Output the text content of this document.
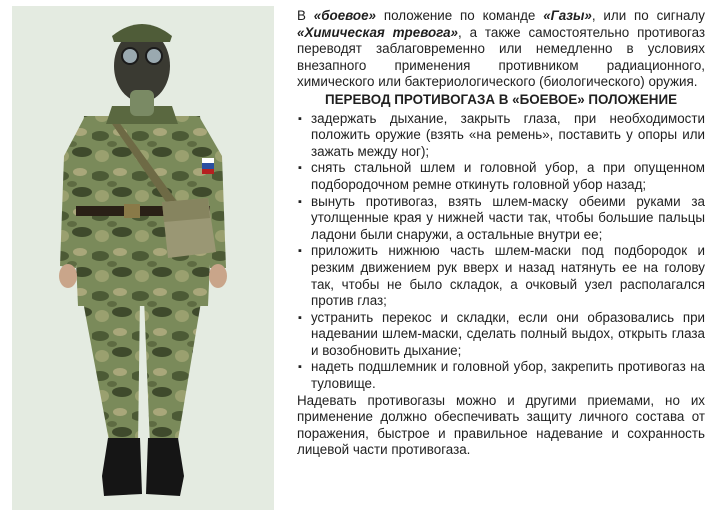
В «боевое» положение по команде «Газы», или по сигналу «Химическая тревога», а также самостоятельно противогаз переводят заблаговременно или немедленно в условиях внезапного применения противником радиационного, химического или бактериологического (биологического) оружия.

ПЕРЕВОД ПРОТИВОГАЗА В «БОЕВОЕ» ПОЛОЖЕНИЕ
▪ задержать дыхание, закрыть глаза, при необходимости положить оружие (взять «на ремень», поставить у опоры или зажать между ног);
▪ снять стальной шлем и головной убор, а при опущенном подбородочном ремне откинуть головной убор назад;
▪ вынуть противогаз, взять шлем-маску обеими руками за утолщенные края у нижней части так, чтобы большие пальцы ладони были снаружи, а остальные внутри ее;
▪ приложить нижнюю часть шлем-маски под подбородок и резким движением рук вверх и назад натянуть ее на голову так, чтобы не было складок, а очковый узел располагался против глаз;
▪ устранить перекос и складки, если они образовались при надевании шлем-маски, сделать полный выдох, открыть глаза и возобновить дыхание;
▪ надеть подшлемник и головной убор, закрепить противогаз на туловище.

Надевать противогазы можно и другими приемами, но их применение должно обеспечивать защиту личного состава от поражения, быстрое и правильное надевание и сохранность лицевой части противогаза.
